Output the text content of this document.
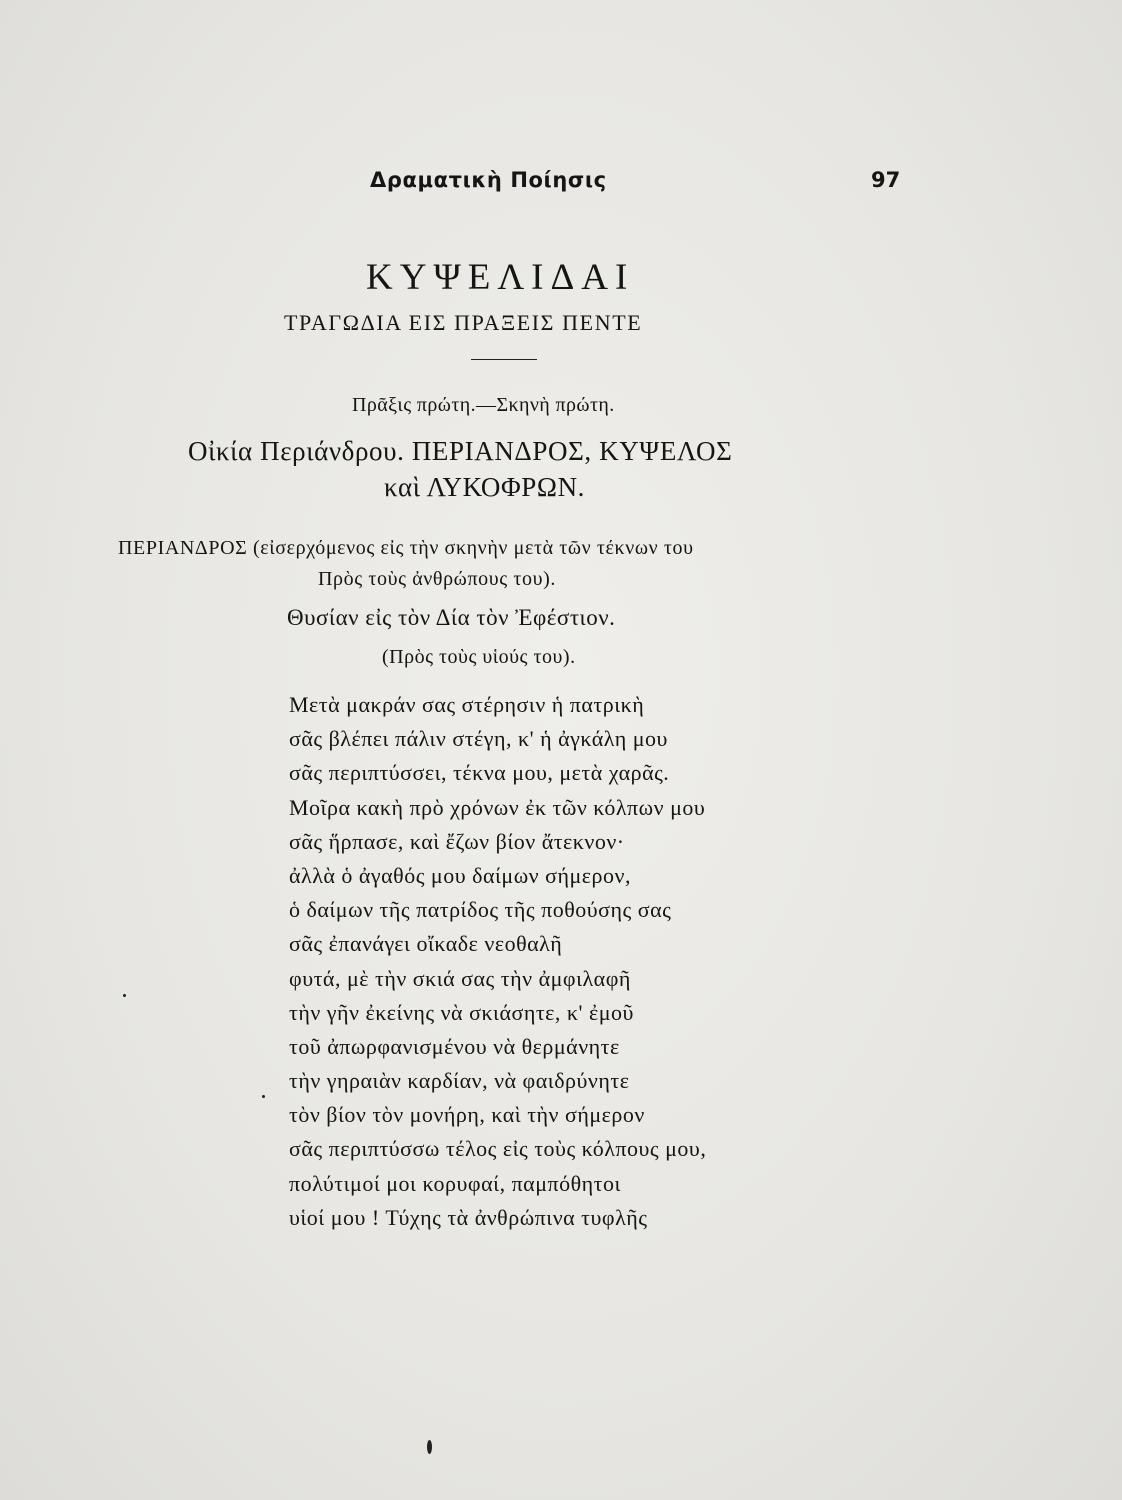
Δραματικὴ Ποίησις	97
ΚΥΨΕΛΙΔΑΙ
ΤΡΑΓΩΔΙΑ ΕΙΣ ΠΡΑΞΕΙΣ ΠΕΝΤΕ
Πρᾶξις πρώτη.—Σκηνὴ πρώτη.
Οἰκία Περιάνδρου. ΠΕΡΙΑΝΔΡΟΣ, ΚΥΨΕΛΟΣ
καὶ ΛΥΚΟΦΡΩΝ.
ΠΕΡΙΑΝΔΡΟΣ (εἰσερχόμενος εἰς τὴν σκηνὴν μετὰ τῶν τέκνων του
Πρὸς τοὺς ἀνθρώπους του).
Θυσίαν εἰς τὸν Δία τὸν Ἐφέστιον.
(Πρὸς τοὺς υἱούς του).
Μετὰ μακράν σας στέρησιν ἡ πατρικὴ
σᾶς βλέπει πάλιν στέγη, κ' ἡ ἀγκάλη μου
σᾶς περιπτύσσει, τέκνα μου, μετὰ χαρᾶς.
Μοῖρα κακὴ πρὸ χρόνων ἐκ τῶν κόλπων μου
σᾶς ἥρπασε, καὶ ἔζων βίον ἄτεκνον·
ἀλλὰ ὁ ἀγαθός μου δαίμων σήμερον,
ὁ δαίμων τῆς πατρίδος τῆς ποθούσης σας
σᾶς ἐπανάγει οἴκαδε νεοθαλῆ
φυτά, μὲ τὴν σκιά σας τὴν ἀμφιλαφῆ
τὴν γῆν ἐκείνης νὰ σκιάσητε, κ' ἐμοῦ
τοῦ ἀπωρφανισμένου νὰ θερμάνητε
τὴν γηραιὰν καρδίαν, νὰ φαιδρύνητε
τὸν βίον τὸν μονήρη, καὶ τὴν σήμερον
σᾶς περιπτύσσω τέλος εἰς τοὺς κόλπους μου,
πολύτιμοί μοι κορυφαί, παμπόθητοι
υἱοί μου ! Τύχης τὰ ἀνθρώπινα τυφλῆς
